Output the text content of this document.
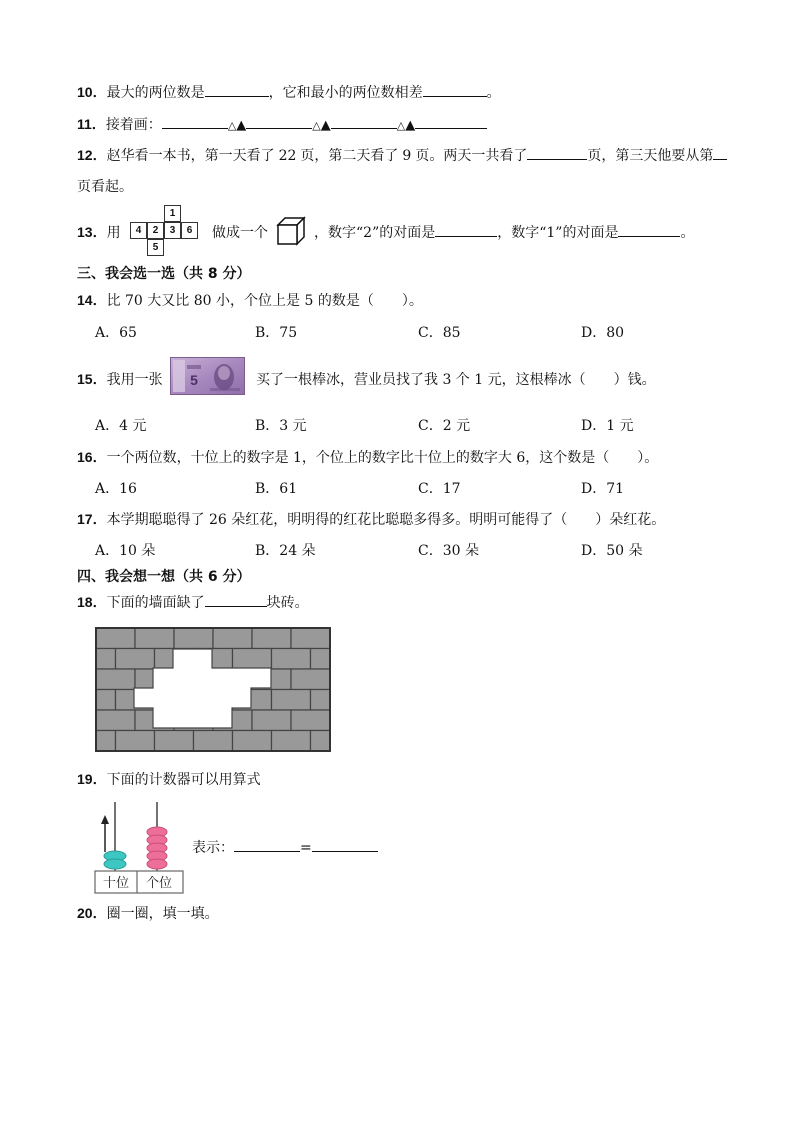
10．最大的两位数是	，它和最小的两位数相差	。
11．接着画：	△▲	△▲	△▲
12．赵华看一本书，第一天看了 22 页，第二天看了 9 页。两天一共看了	页，第三天他要从第
页看起。
13．用
1
4	2	3	6
5
做成一个	，数字“2”的对面是	，数字“1”的对面是	。
三、我会选一选（共 8 分）
14．比 70 大又比 80 小，个位上是 5 的数是（　　）。
A．65	B．75	C．85	D．80
15．我用一张 5	买了一根棒冰，营业员找了我 3 个 1 元，这根棒冰（　　）钱。
A．4 元	B．3 元	C．2 元	D．1 元
16．一个两位数，十位上的数字是 1，个位上的数字比十位上的数字大 6，这个数是（　　）。
A．16	B．61	C．17	D．71
17．本学期聪聪得了 26 朵红花，明明得的红花比聪聪多得多。明明可能得了（　　）朵红花。
A．10 朵	B．24 朵	C．30 朵	D．50 朵
四、我会想一想（共 6 分）
18．下面的墙面缺了	块砖。
19．下面的计数器可以用算式
十位 个位
表示：	=
20．圈一圈，填一填。
